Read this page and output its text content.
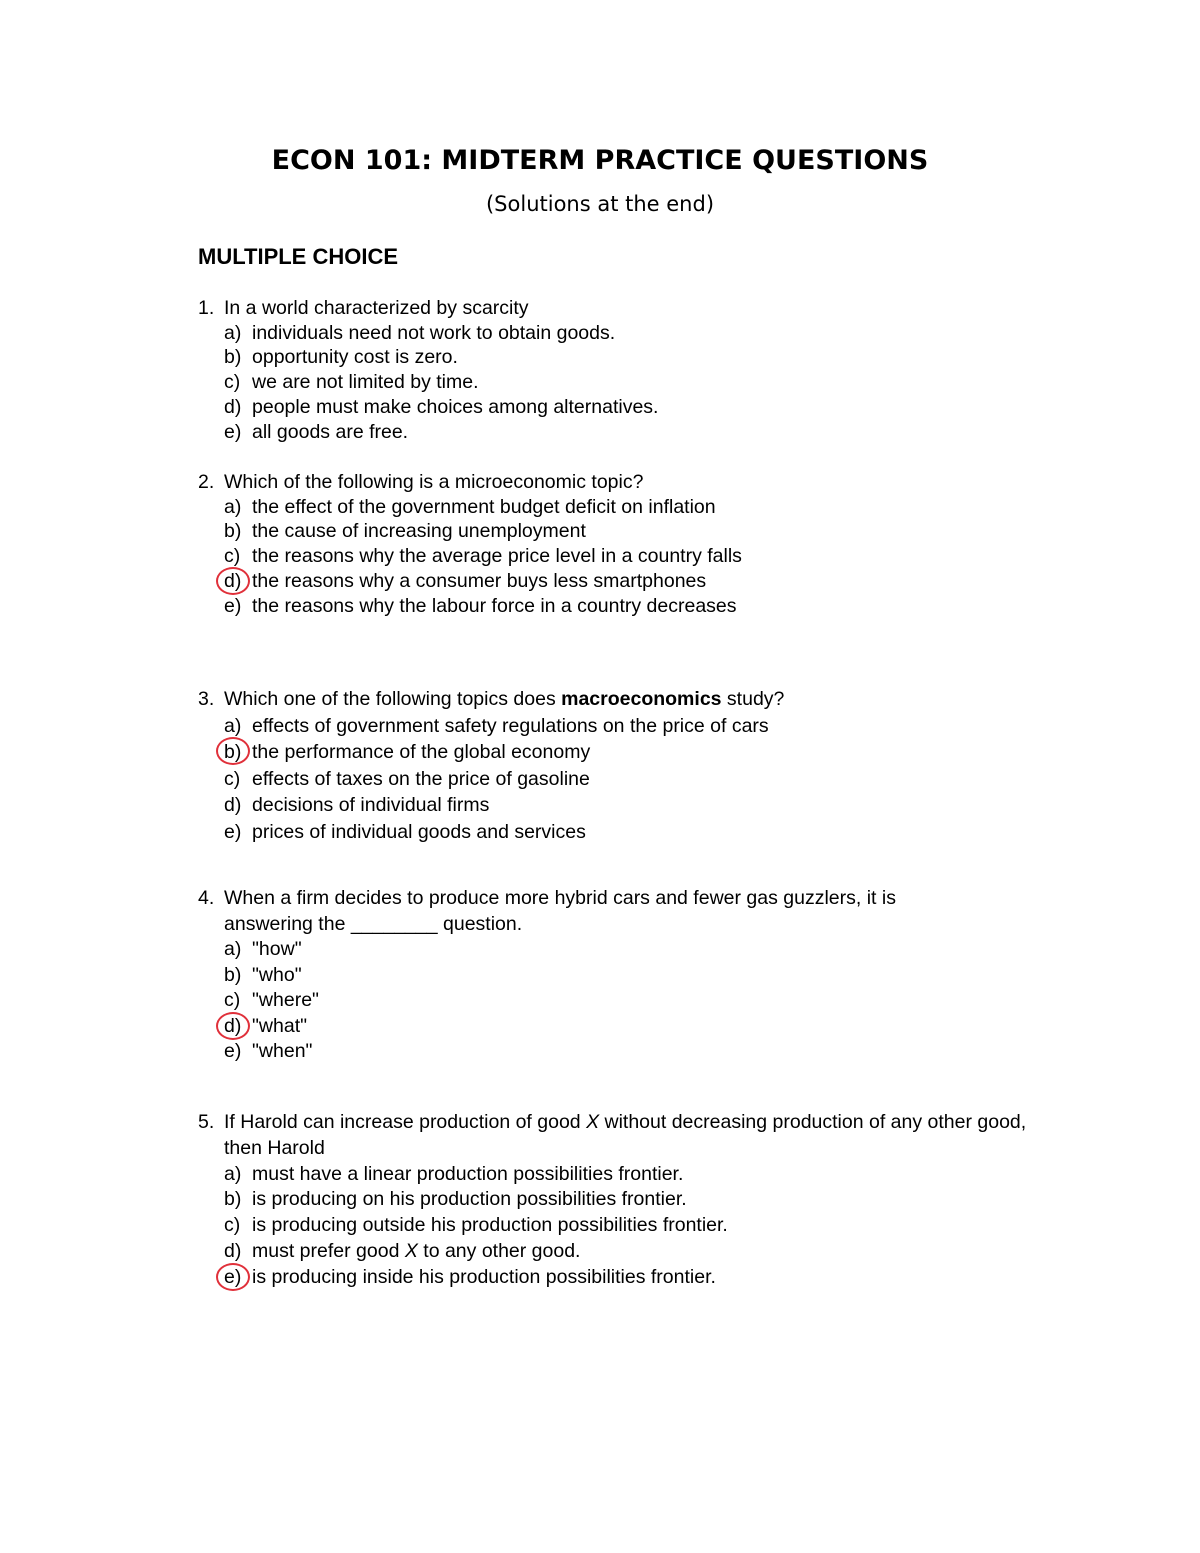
ECON 101: MIDTERM PRACTICE QUESTIONS
(Solutions at the end)
MULTIPLE CHOICE
1. In a world characterized by scarcity
a) individuals need not work to obtain goods.
b) opportunity cost is zero.
c) we are not limited by time.
d) people must make choices among alternatives.
e) all goods are free.
2. Which of the following is a microeconomic topic?
a) the effect of the government budget deficit on inflation
b) the cause of increasing unemployment
c) the reasons why the average price level in a country falls
d) the reasons why a consumer buys less smartphones
e) the reasons why the labour force in a country decreases
3. Which one of the following topics does macroeconomics study?
a) effects of government safety regulations on the price of cars
b) the performance of the global economy
c) effects of taxes on the price of gasoline
d) decisions of individual firms
e) prices of individual goods and services
4. When a firm decides to produce more hybrid cars and fewer gas guzzlers, it is answering the ________ question.
a) "how"
b) "who"
c) "where"
d) "what"
e) "when"
5. If Harold can increase production of good X without decreasing production of any other good, then Harold
a) must have a linear production possibilities frontier.
b) is producing on his production possibilities frontier.
c) is producing outside his production possibilities frontier.
d) must prefer good X to any other good.
e) is producing inside his production possibilities frontier.
